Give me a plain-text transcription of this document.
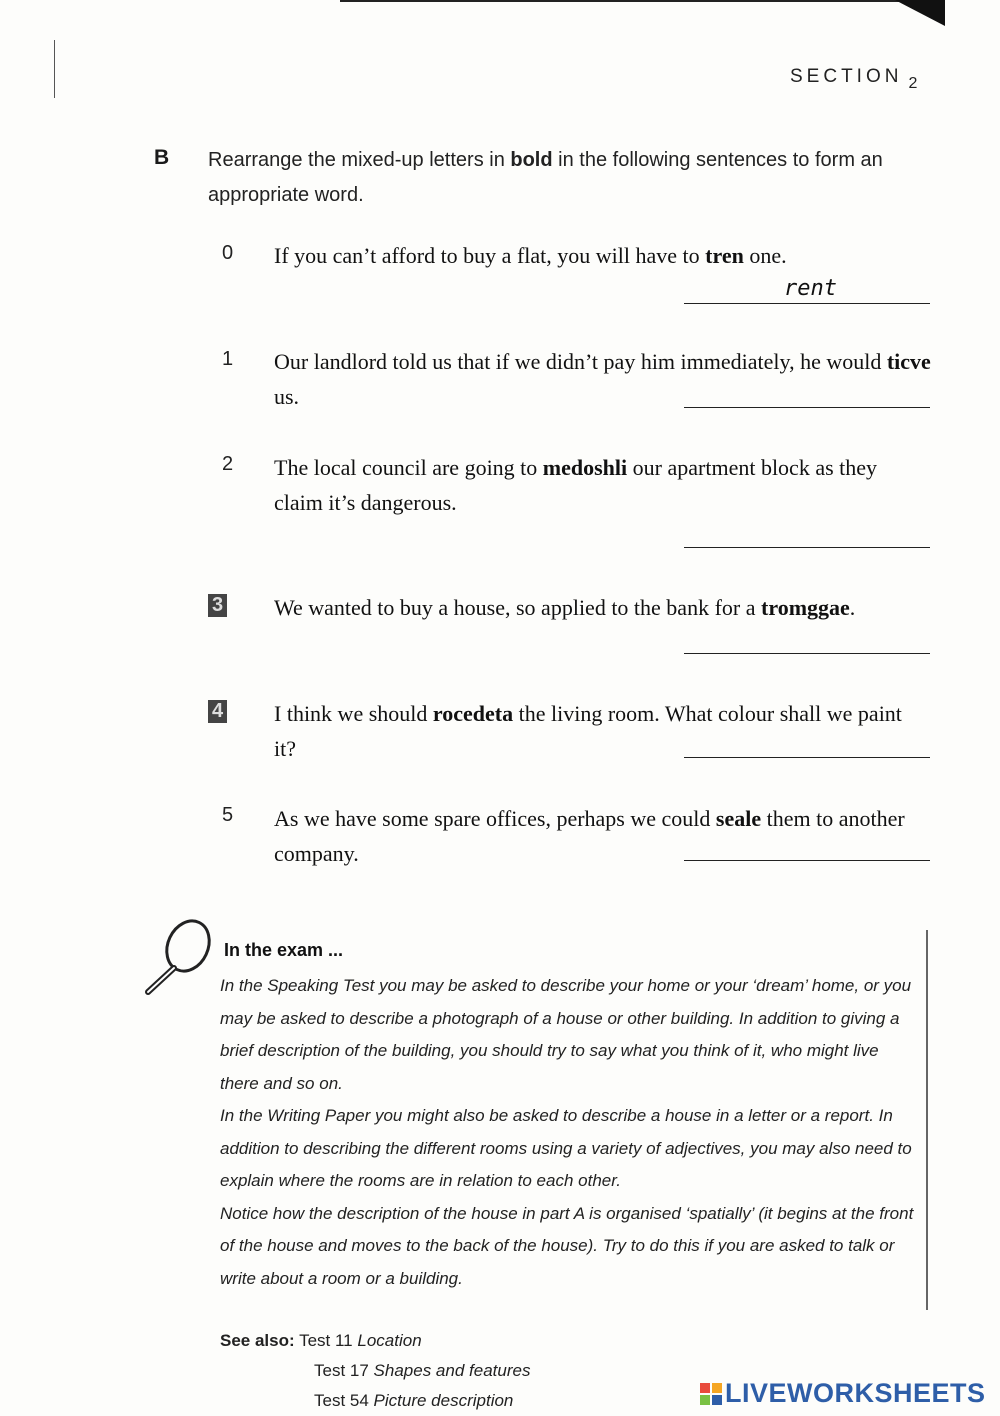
SECTION $_2$
B Rearrange the mixed-up letters in bold in the following sentences to form an appropriate word.
0 If you can’t afford to buy a flat, you will have to tren one.
rent
1 Our landlord told us that if we didn’t pay him immediately, he would ticve us.
2 The local council are going to medoshli our apartment block as they claim it’s dangerous.
3 We wanted to buy a house, so applied to the bank for a tromggae.
4 I think we should rocedeta the living room. What colour shall we paint it?
5 As we have some spare offices, perhaps we could seale them to another company.
In the exam ...

In the Speaking Test you may be asked to describe your home or your ‘dream’ home, or you may be asked to describe a photograph of a house or other building. In addition to giving a brief description of the building, you should try to say what you think of it, who might live there and so on.

In the Writing Paper you might also be asked to describe a house in a letter or a report. In addition to describing the different rooms using a variety of adjectives, you may also need to explain where the rooms are in relation to each other.

Notice how the description of the house in part A is organised ‘spatially’ (it begins at the front of the house and moves to the back of the house). Try to do this if you are asked to talk or write about a room or a building.

See also: Test 11 Location
Test 17 Shapes and features
Test 54 Picture description	LIVEWORKSHEETS
